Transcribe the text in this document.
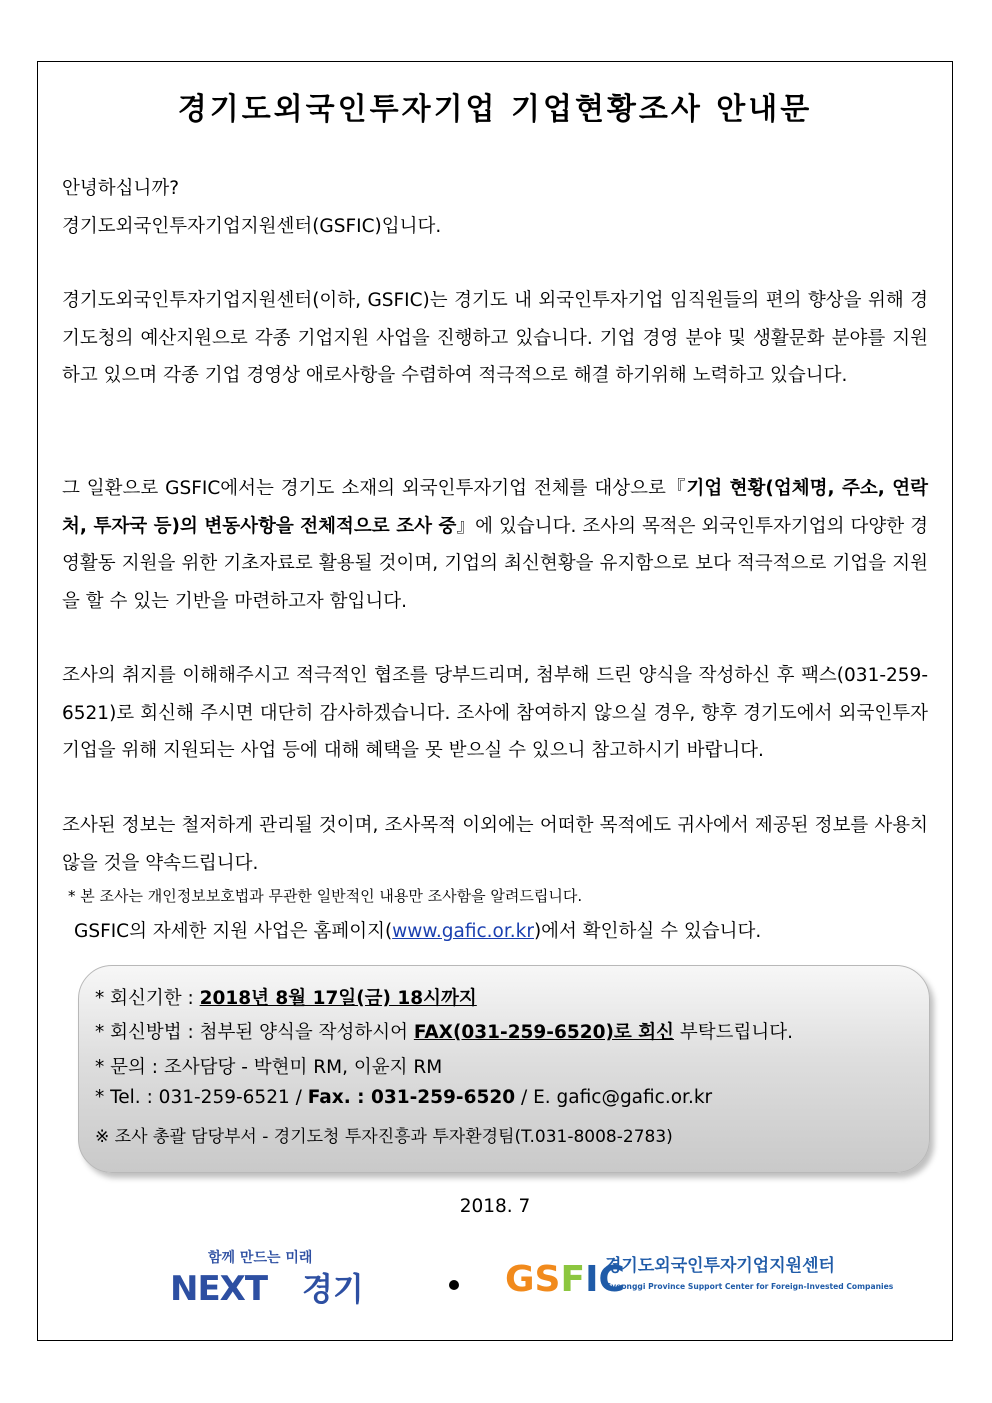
경기도외국인투자기업 기업현황조사 안내문
안녕하십니까?
경기도외국인투자기업지원센터(GSFIC)입니다.
경기도외국인투자기업지원센터(이하, GSFIC)는 경기도 내 외국인투자기업 임직원들의 편의 향상을 위해 경기도청의 예산지원으로 각종 기업지원 사업을 진행하고 있습니다. 기업 경영 분야 및 생활문화 분야를 지원하고 있으며 각종 기업 경영상 애로사항을 수렴하여 적극적으로 해결 하기위해 노력하고 있습니다.
그 일환으로 GSFIC에서는 경기도 소재의 외국인투자기업 전체를 대상으로『기업 현황(업체명, 주소, 연락처, 투자국 등)의 변동사항을 전체적으로 조사 중』에 있습니다. 조사의 목적은 외국인투자기업의 다양한 경영활동 지원을 위한 기초자료로 활용될 것이며, 기업의 최신현황을 유지함으로 보다 적극적으로 기업을 지원을 할 수 있는 기반을 마련하고자 함입니다.
조사의 취지를 이해해주시고 적극적인 협조를 당부드리며, 첨부해 드린 양식을 작성하신 후 팩스(031-259-6521)로 회신해 주시면 대단히 감사하겠습니다. 조사에 참여하지 않으실 경우, 향후 경기도에서 외국인투자기업을 위해 지원되는 사업 등에 대해 혜택을 못 받으실 수 있으니 참고하시기 바랍니다.
조사된 정보는 철저하게 관리될 것이며, 조사목적 이외에는 어떠한 목적에도 귀사에서 제공된 정보를 사용치 않을 것을 약속드립니다.
* 본 조사는 개인정보보호법과 무관한 일반적인 내용만 조사함을 알려드립니다.
GSFIC의 자세한 지원 사업은 홈페이지(www.gafic.or.kr)에서 확인하실 수 있습니다.
* 회신기한 : 2018년 8월 17일(금) 18시까지
* 회신방법 : 첨부된 양식을 작성하시어 FAX(031-259-6520)로 회신 부탁드립니다.
* 문의 : 조사담당 - 박현미 RM, 이윤지 RM
* Tel. : 031-259-6521 / Fax. : 031-259-6520 / E. gafic@gafic.or.kr
※ 조사 총괄 담당부서 - 경기도청 투자진흥과 투자환경팀(T.031-8008-2783)
2018. 7
함께 만드는 미래
NEXT 경기	GSFIC
경기도외국인투자기업지원센터
Gyeonggi Province Support Center for Foreign-Invested Companies
